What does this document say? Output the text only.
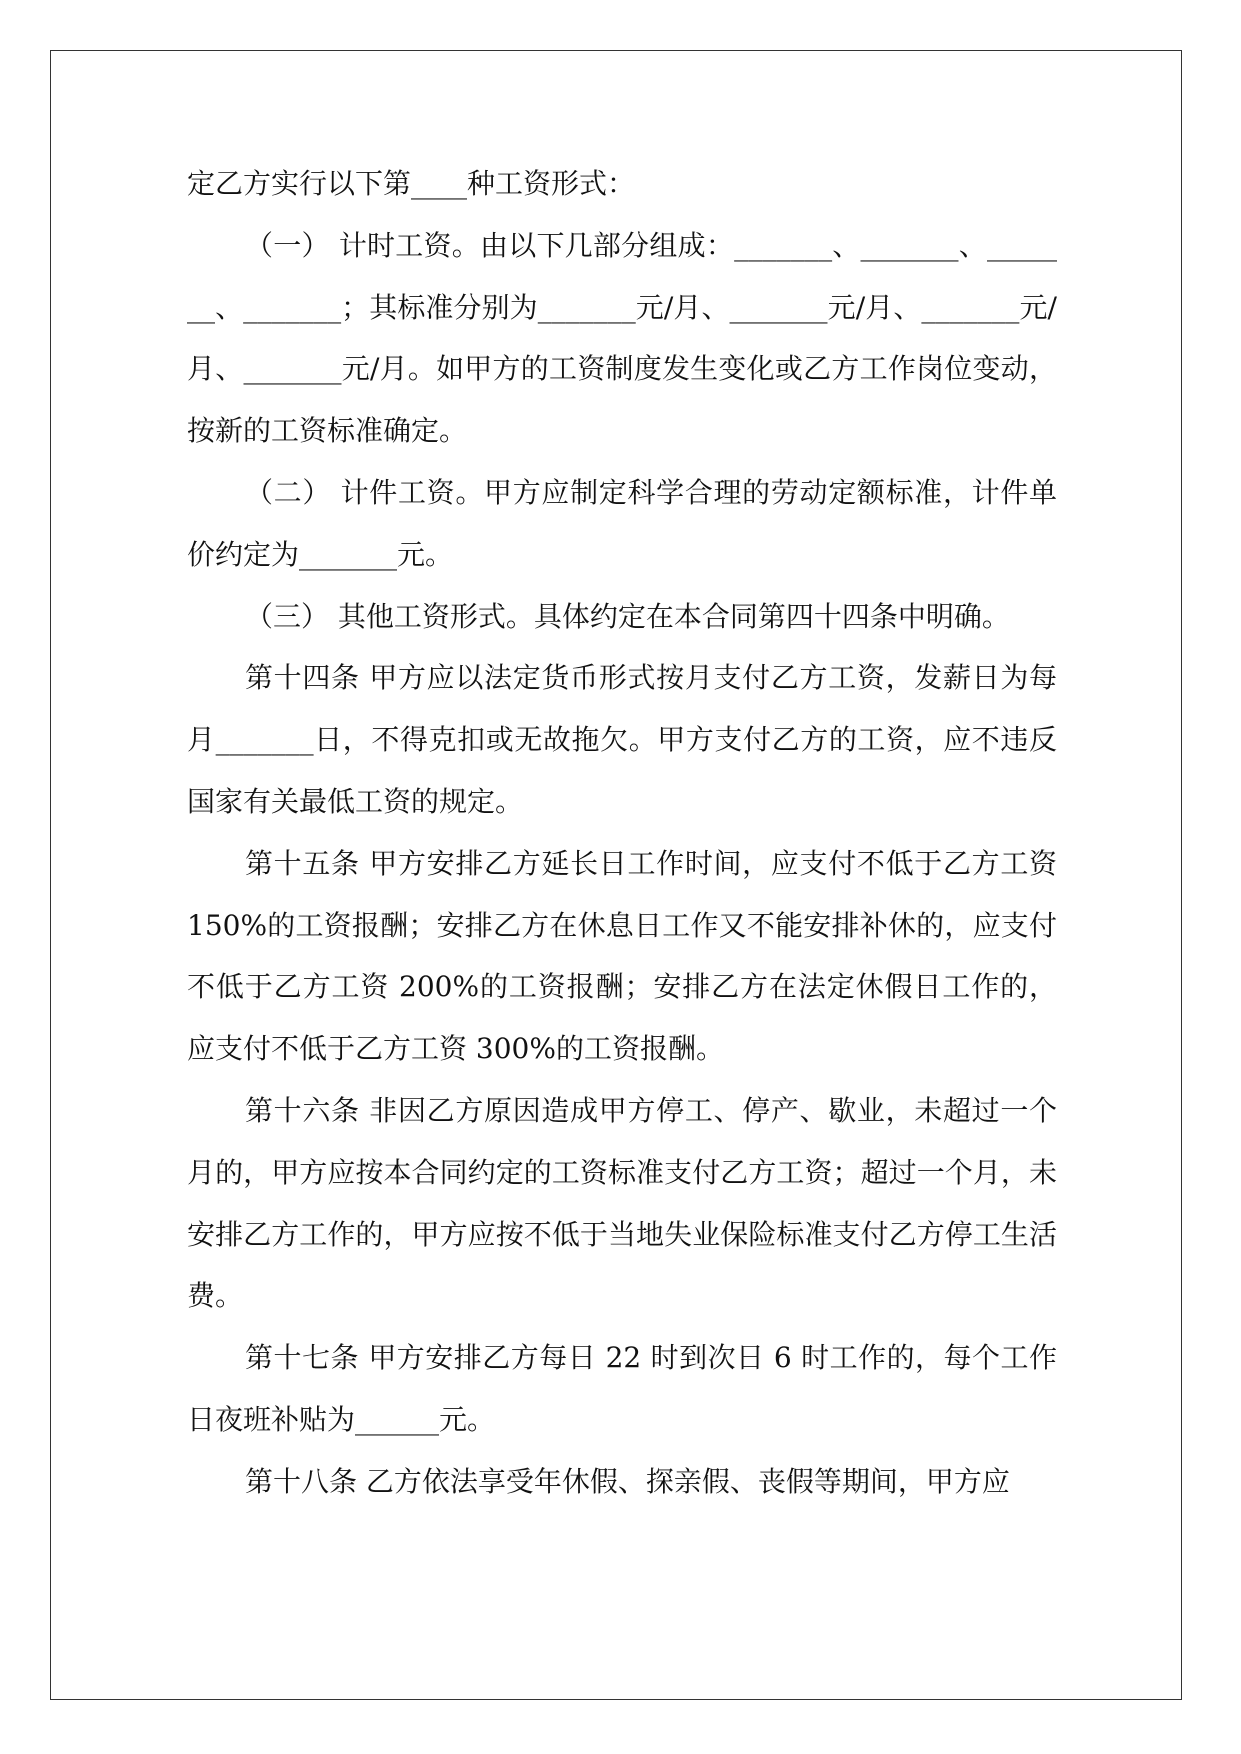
定乙方实行以下第____种工资形式：

（一） 计时工资。由以下几部分组成：_______、_______、_______、_______；其标准分别为_______元/月、_______元/月、_______元/月、_______元/月。如甲方的工资制度发生变化或乙方工作岗位变动，按新的工资标准确定。

（二） 计件工资。甲方应制定科学合理的劳动定额标准，计件单价约定为_______元。

（三） 其他工资形式。具体约定在本合同第四十四条中明确。

第十四条 甲方应以法定货币形式按月支付乙方工资，发薪日为每月_______日，不得克扣或无故拖欠。甲方支付乙方的工资，应不违反国家有关最低工资的规定。

第十五条 甲方安排乙方延长日工作时间，应支付不低于乙方工资 150%的工资报酬；安排乙方在休息日工作又不能安排补休的，应支付不低于乙方工资 200%的工资报酬；安排乙方在法定休假日工作的，应支付不低于乙方工资 300%的工资报酬。

第十六条 非因乙方原因造成甲方停工、停产、歇业，未超过一个月的，甲方应按本合同约定的工资标准支付乙方工资；超过一个月，未安排乙方工作的，甲方应按不低于当地失业保险标准支付乙方停工生活费。

第十七条 甲方安排乙方每日 22 时到次日 6 时工作的，每个工作日夜班补贴为______元。

第十八条 乙方依法享受年休假、探亲假、丧假等期间，甲方应
